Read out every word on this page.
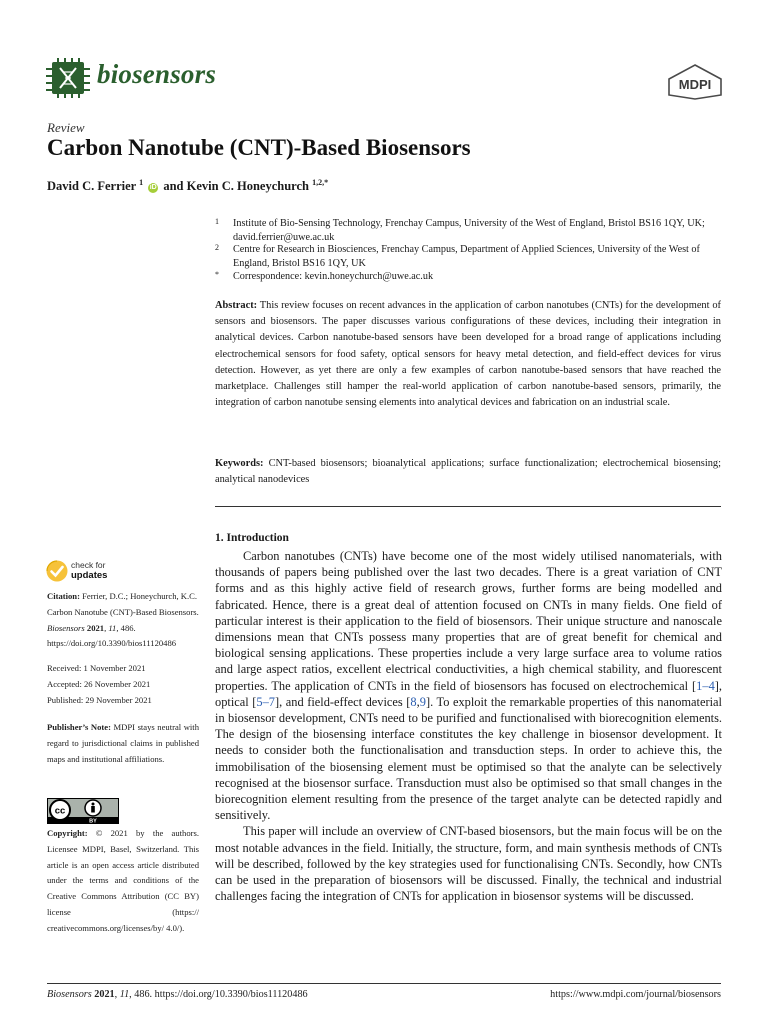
biosensors	MDPI
Review
Carbon Nanotube (CNT)-Based Biosensors
David C. Ferrier $^1$ iD and Kevin C. Honeychurch $^{1,2,*}$
1 Institute of Bio-Sensing Technology, Frenchay Campus, University of the West of England, Bristol BS16 1QY, UK; david.ferrier@uwe.ac.uk
2 Centre for Research in Biosciences, Frenchay Campus, Department of Applied Sciences, University of the West of England, Bristol BS16 1QY, UK
* Correspondence: kevin.honeychurch@uwe.ac.uk
Abstract: This review focuses on recent advances in the application of carbon nanotubes (CNTs) for the development of sensors and biosensors. The paper discusses various configurations of these devices, including their integration in analytical devices. Carbon nanotube-based sensors have been developed for a broad range of applications including electrochemical sensors for food safety, optical sensors for heavy metal detection, and field-effect devices for virus detection. However, as yet there are only a few examples of carbon nanotube-based sensors that have reached the marketplace. Challenges still hamper the real-world application of carbon nanotube-based sensors, primarily, the integration of carbon nanotube sensing elements into analytical devices and fabrication on an industrial scale.
Keywords: CNT-based biosensors; bioanalytical applications; surface functionalization; electrochemical biosensing; analytical nanodevices
1. Introduction

Carbon nanotubes (CNTs) have become one of the most widely utilised nanomaterials, with thousands of papers being published over the last two decades. There is a great variation of CNT forms and as this highly active field of research grows, further forms are being modelled and fabricated. Hence, there is a great deal of attention focused on CNTs in many fields. One field of particular interest is their application to the field of biosensors. Their unique structure and nanoscale dimensions mean that CNTs possess many properties that are of great benefit for chemical and biological sensing applications. These properties include a very large surface area to volume ratios and large aspect ratios, excellent electrical conductivities, a high chemical stability, and fluorescent properties. The application of CNTs in the field of biosensors has focused on electrochemical [1–4], optical [5–7], and field-effect devices [8,9]. To exploit the remarkable properties of this nanomaterial in biosensor development, CNTs need to be purified and functionalised with biorecognition elements. The design of the biosensing interface constitutes the key challenge in biosensor development. It needs to consider both the functionalisation and transduction steps. In order to achieve this, the immobilisation of the biosensing element must be optimised so that the analyte can be selectively recognised at the biosensor surface. Transduction must also be optimised so that small changes in the biorecognition element resulting from the presence of the target analyte can be detected rapidly and sensitively.

This paper will include an overview of CNT-based biosensors, but the main focus will be on the most notable advances in the field. Initially, the structure, form, and main synthesis methods of CNTs will be described, followed by the key strategies used for functionalising CNTs. Secondly, how CNTs can be used in the preparation of biosensors will be discussed. Finally, the technical and industrial challenges facing the integration of CNTs for application in biosensor systems will be discussed.

check for
updates
Citation: Ferrier, D.C.; Honeychurch, K.C. Carbon Nanotube (CNT)-Based Biosensors. Biosensors 2021, 11, 486. https://doi.org/10.3390/bios11120486
Received: 1 November 2021
Accepted: 26 November 2021
Published: 29 November 2021
Publisher’s Note: MDPI stays neutral with regard to jurisdictional claims in published maps and institutional affiliations.
cc
BY
Copyright: © 2021 by the authors. Licensee MDPI, Basel, Switzerland. This article is an open access article distributed under the terms and conditions of the Creative Commons Attribution (CC BY) license (https:// creativecommons.org/licenses/by/ 4.0/).
Biosensors 2021, 11, 486. https://doi.org/10.3390/bios11120486	https://www.mdpi.com/journal/biosensors
